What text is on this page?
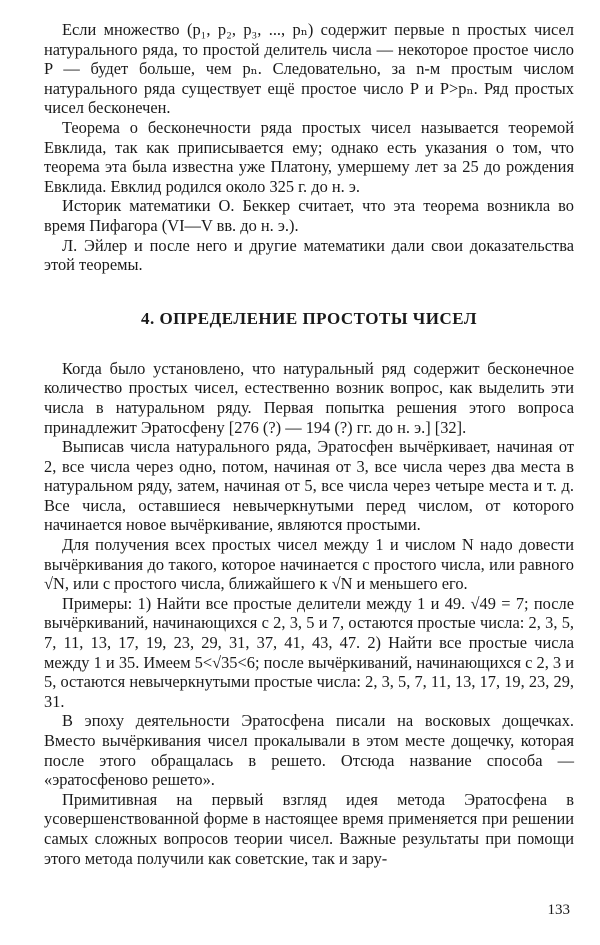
Если множество (p₁, p₂, p₃, ..., pₙ) содержит первые n простых чисел натурального ряда, то простой делитель числа — некоторое простое число P — будет больше, чем pₙ. Следовательно, за n-м простым числом натурального ряда существует ещё простое число P и P>pₙ. Ряд простых чисел бесконечен.

Теорема о бесконечности ряда простых чисел называется теоремой Евклида, так как приписывается ему; однако есть указания о том, что теорема эта была известна уже Платону, умершему лет за 25 до рождения Евклида. Евклид родился около 325 г. до н. э.

Историк математики О. Беккер считает, что эта теорема возникла во время Пифагора (VI—V вв. до н. э.).

Л. Эйлер и после него и другие математики дали свои доказательства этой теоремы.

4. ОПРЕДЕЛЕНИЕ ПРОСТОТЫ ЧИСЕЛ

Когда было установлено, что натуральный ряд содержит бесконечное количество простых чисел, естественно возник вопрос, как выделить эти числа в натуральном ряду. Первая попытка решения этого вопроса принадлежит Эратосфену [276 (?) — 194 (?) гг. до н. э.] [32].

Выписав числа натурального ряда, Эратосфен вычёркивает, начиная от 2, все числа через одно, потом, начиная от 3, все числа через два места в натуральном ряду, затем, начиная от 5, все числа через четыре места и т. д. Все числа, оставшиеся невычеркнутыми перед числом, от которого начинается новое вычёркивание, являются простыми.

Для получения всех простых чисел между 1 и числом N надо довести вычёркивания до такого, которое начинается с простого числа, или равного √N, или с простого числа, ближайшего к √N и меньшего его.

Примеры: 1) Найти все простые делители между 1 и 49. √49 = 7; после вычёркиваний, начинающихся с 2, 3, 5 и 7, остаются простые числа: 2, 3, 5, 7, 11, 13, 17, 19, 23, 29, 31, 37, 41, 43, 47. 2) Найти все простые числа между 1 и 35. Имеем 5<√35<6; после вычёркиваний, начинающихся с 2, 3 и 5, остаются невычеркнутыми простые числа: 2, 3, 5, 7, 11, 13, 17, 19, 23, 29, 31.

В эпоху деятельности Эратосфена писали на восковых дощечках. Вместо вычёркивания чисел прокалывали в этом месте дощечку, которая после этого обращалась в решето. Отсюда название способа — «эратосфеново решето».

Примитивная на первый взгляд идея метода Эратосфена в усовершенствованной форме в настоящее время применяется при решении самых сложных вопросов теории чисел. Важные результаты при помощи этого метода получили как советские, так и зару-

133
